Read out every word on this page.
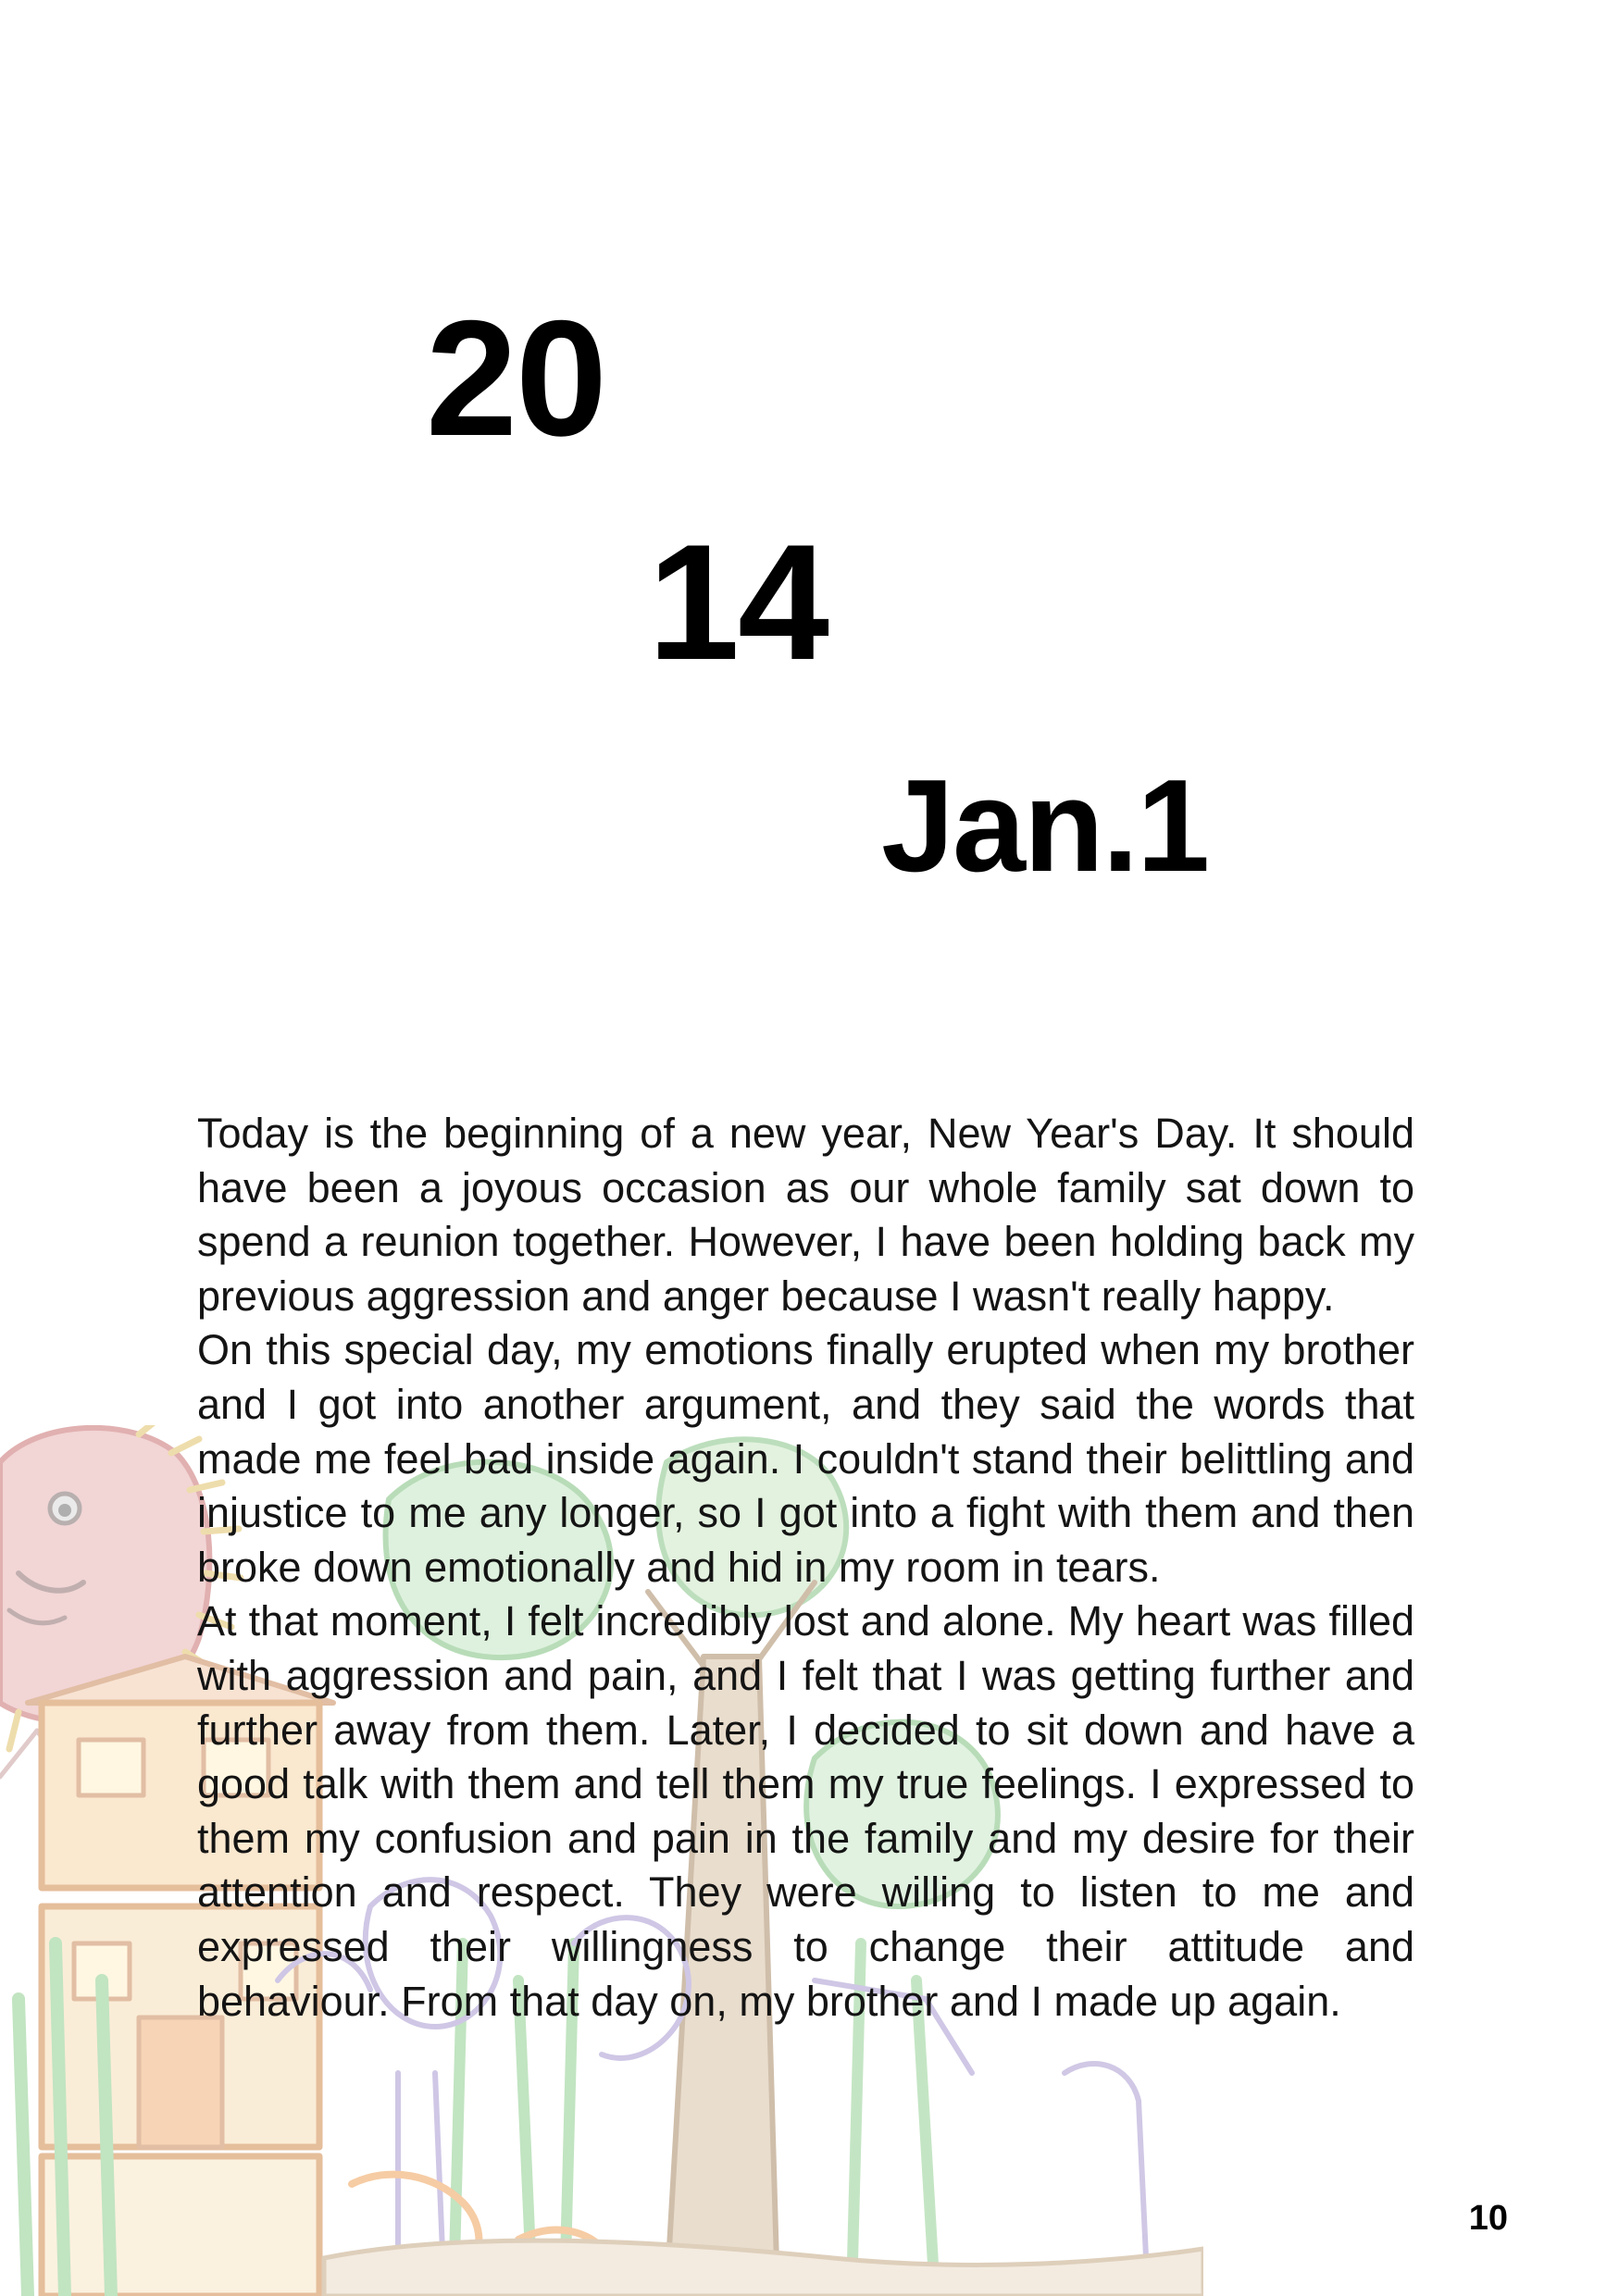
20
14
Jan.1

Today is the beginning of a new year, New Year's Day. It should have been a joyous occasion as our whole family sat down to spend a reunion together. However, I have been holding back my previous aggression and anger because I wasn't really happy.

On this special day, my emotions finally erupted when my brother and I got into another argument, and they said the words that made me feel bad inside again. I couldn't stand their belittling and injustice to me any longer, so I got into a fight with them and then broke down emotionally and hid in my room in tears.

At that moment, I felt incredibly lost and alone. My heart was filled with aggression and pain, and I felt that I was getting further and further away from them. Later, I decided to sit down and have a good talk with them and tell them my true feelings. I expressed to them my confusion and pain in the family and my desire for their attention and respect. They were willing to listen to me and expressed their willingness to change their attitude and behaviour. From that day on, my brother and I made up again.

10
